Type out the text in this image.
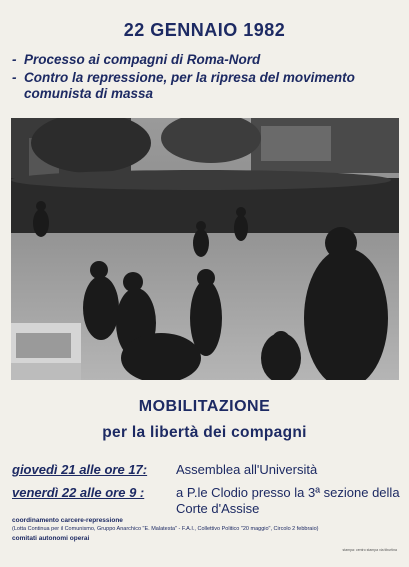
22 GENNAIO 1982
- Processo ai compagni di Roma-Nord
- Contro la repressione, per la ripresa del movimento comunista di massa
MOBILITAZIONE
per la libertà dei compagni
giovedì 21 alle ore 17:	Assemblea all'Università
venerdì 22 alle ore 9 :	a P.le Clodio presso la 3ª sezione della Corte d'Assise
coordinamento carcere-repressione
(Lotta Continua per il Comunismo, Gruppo Anarchico "E. Malatesta" - F.A.I., Collettivo Politico "20 maggio", Circolo 2 febbraio)
comitati autonomi operai
stampa: centro stampa via tiburtina
